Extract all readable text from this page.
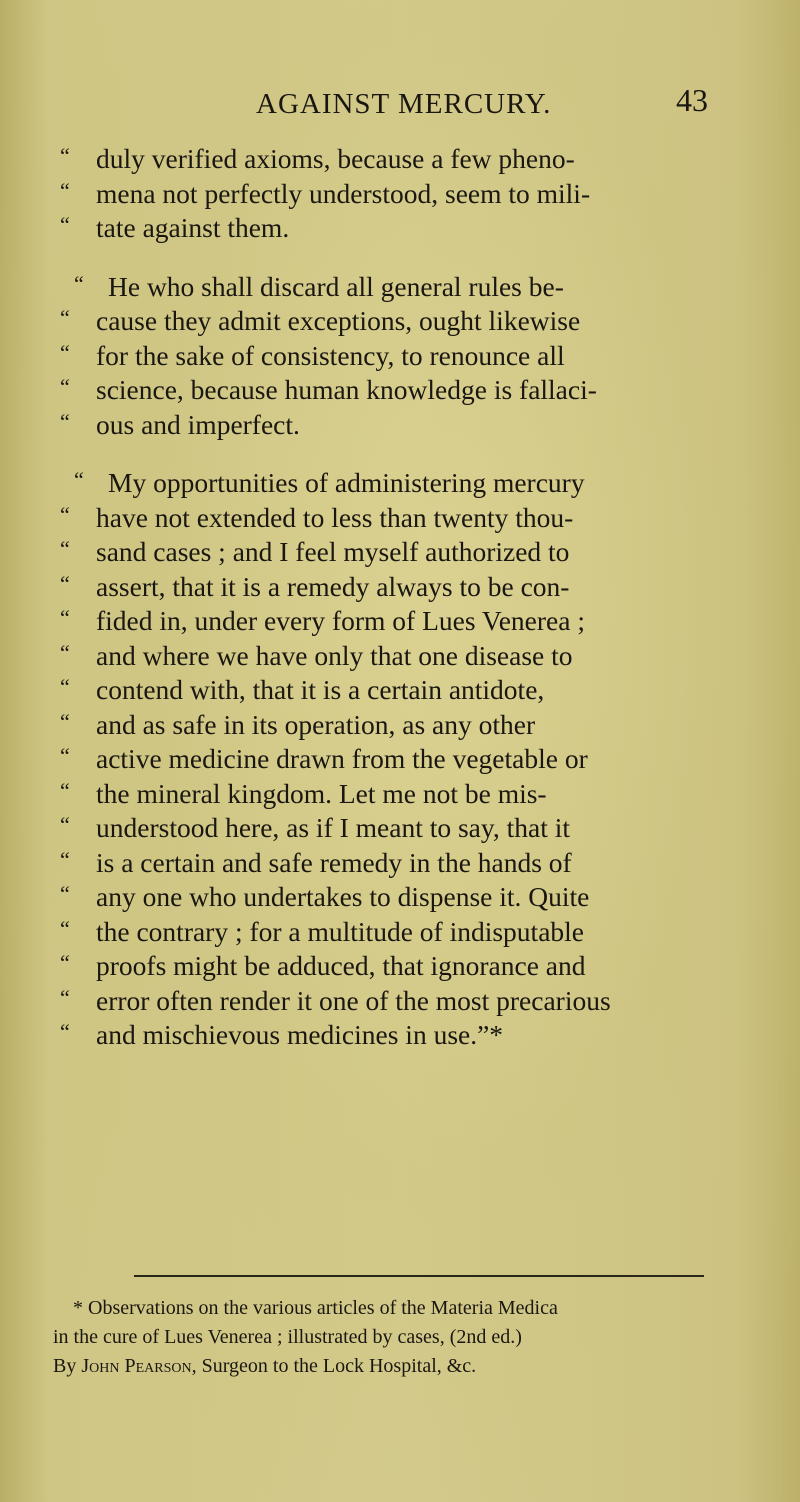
AGAINST MERCURY.	43
“ duly verified axioms, because a few pheno-
“ mena not perfectly understood, seem to mili-
“ tate against them.
“ He who shall discard all general rules be-
“ cause they admit exceptions, ought likewise
“ for the sake of consistency, to renounce all
“ science, because human knowledge is fallaci-
“ ous and imperfect.
“ My opportunities of administering mercury
“ have not extended to less than twenty thou-
“ sand cases ; and I feel myself authorized to
“ assert, that it is a remedy always to be con-
“ fided in, under every form of Lues Venerea ;
“ and where we have only that one disease to
“ contend with, that it is a certain antidote,
“ and as safe in its operation, as any other
“ active medicine drawn from the vegetable or
“ the mineral kingdom. Let me not be mis-
“ understood here, as if I meant to say, that it
“ is a certain and safe remedy in the hands of
“ any one who undertakes to dispense it. Quite
“ the contrary ; for a multitude of indisputable
“ proofs might be adduced, that ignorance and
“ error often render it one of the most precarious
“ and mischievous medicines in use.”*
* Observations on the various articles of the Materia Medica
in the cure of Lues Venerea ; illustrated by cases, (2nd ed.)
By John Pearson, Surgeon to the Lock Hospital, &c.
